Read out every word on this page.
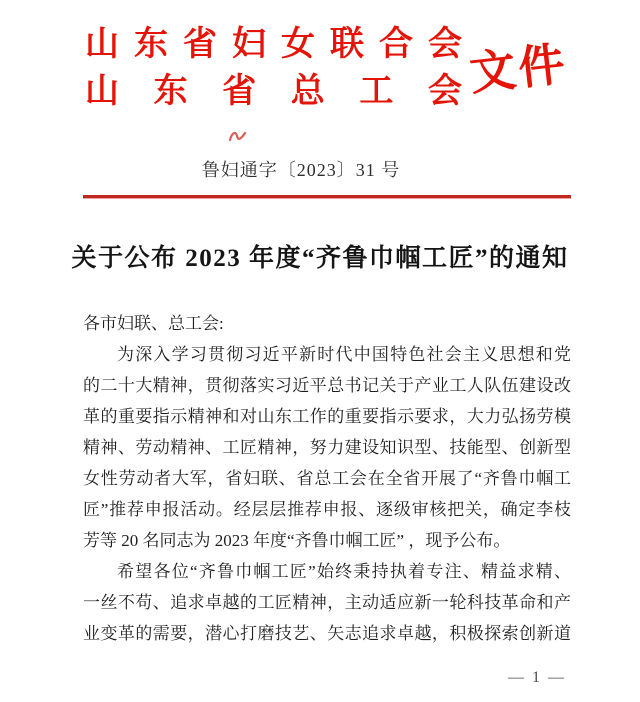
山东省妇女联合会
山东省总工会 文件
鲁妇通字〔2023〕31 号
关于公布 2023 年度“齐鲁巾帼工匠”的通知
各市妇联、总工会:
为深入学习贯彻习近平新时代中国特色社会主义思想和党
的二十大精神，贯彻落实习近平总书记关于产业工人队伍建设改
革的重要指示精神和对山东工作的重要指示要求，大力弘扬劳模
精神、劳动精神、工匠精神，努力建设知识型、技能型、创新型
女性劳动者大军，省妇联、省总工会在全省开展了“齐鲁巾帼工
匠”推荐申报活动。经层层推荐申报、逐级审核把关，确定李枝
芳等 20 名同志为 2023 年度“齐鲁巾帼工匠” ，现予公布。
希望各位“齐鲁巾帼工匠”始终秉持执着专注、精益求精、
一丝不苟、追求卓越的工匠精神，主动适应新一轮科技革命和产
业变革的需要，潜心打磨技艺、矢志追求卓越，积极探索创新道
— 1 —
